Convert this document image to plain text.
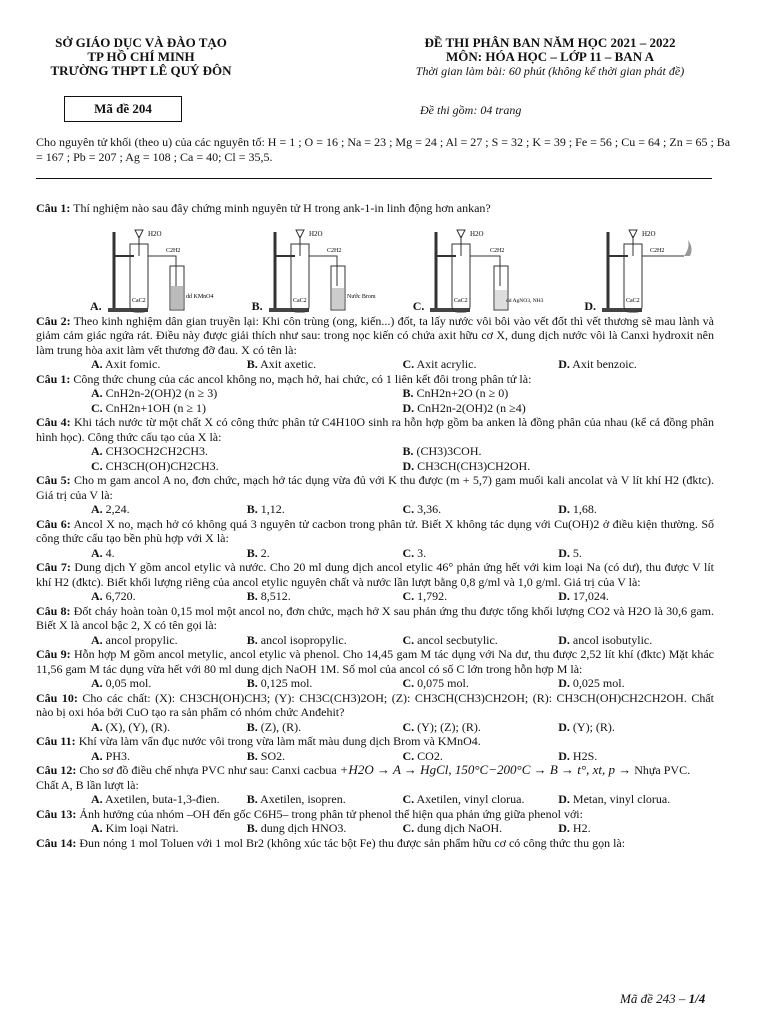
SỞ GIÁO DỤC VÀ ĐÀO TẠO
TP HỒ CHÍ MINH
TRƯỜNG THPT LÊ QUÝ ĐÔN
ĐỀ THI PHÂN BAN NĂM HỌC 2021 – 2022
MÔN: HÓA HỌC – LỚP 11 – BAN A
Thời gian làm bài: 60 phút (không kể thời gian phát đề)
Mã đề 204	Đề thi gồm: 04 trang
Cho nguyên tử khối (theo u) của các nguyên tố: H = 1 ; O = 16 ; Na = 23 ; Mg = 24 ; Al = 27 ; S = 32 ; K = 39 ; Fe = 56 ; Cu = 64 ; Zn = 65 ; Ba = 167 ; Pb = 207 ; Ag = 108 ; Ca = 40; Cl = 35,5.

Câu 1: Thí nghiệm nào sau đây chứng minh nguyên tử H trong ank-1-in linh động hơn ankan?

A.
H2O
C2H2
CaC2
dd KMnO4
B.
H2O
C2H2
CaC2
Nước Brom
C.
H2O
C2H2
CaC2	dd AgNO3, NH3	D.
H2O
C2H2
CaC2

Câu 2: Theo kinh nghiệm dân gian truyền lại: Khi côn trùng (ong, kiến...) đốt, ta lấy nước vôi bôi vào vết đốt thì vết thương sẽ mau lành và giảm cảm giác ngứa rát. Điều này được giải thích như sau: trong nọc kiến có chứa axit hữu cơ X, dung dịch nước vôi là Canxi hydroxit nên làm trung hòa axit làm vết thương đỡ đau. X có tên là:

A. Axit fomic.	B. Axit axetic.	C. Axit acrylic.	D. Axit benzoic.

Câu 1: Công thức chung của các ancol không no, mạch hở, hai chức, có 1 liên kết đôi trong phân tử là:

A. CnH2n-2(OH)2 (n ≥ 3)	B. CnH2n+2O (n ≥ 0)
C. CnH2n+1OH (n ≥ 1)	D. CnH2n-2(OH)2 (n ≥4)

Câu 4: Khi tách nước từ một chất X có công thức phân tử C4H10O sinh ra hỗn hợp gồm ba anken là đồng phân của nhau (kể cả đồng phân hình học). Công thức cấu tạo của X là:

A. CH3OCH2CH2CH3.	B. (CH3)3COH.
C. CH3CH(OH)CH2CH3.	D. CH3CH(CH3)CH2OH.

Câu 5: Cho m gam ancol A no, đơn chức, mạch hở tác dụng vừa đủ với K thu được (m + 5,7) gam muối kali ancolat và V lít khí H2 (đktc). Giá trị của V là:

A. 2,24.	B. 1,12.	C. 3,36.	D. 1,68.

Câu 6: Ancol X no, mạch hở có không quá 3 nguyên tử cacbon trong phân tử. Biết X không tác dụng với Cu(OH)2 ở điều kiện thường. Số công thức cấu tạo bền phù hợp với X là:

A. 4.	B. 2.	C. 3.	D. 5.

Câu 7: Dung dịch Y gồm ancol etylic và nước. Cho 20 ml dung dịch ancol etylic 46° phản ứng hết với kim loại Na (có dư), thu được V lít khí H2 (đktc). Biết khối lượng riêng của ancol etylic nguyên chất và nước lần lượt bằng 0,8 g/ml và 1,0 g/ml. Giá trị của V là:

A. 6,720.	B. 8,512.	C. 1,792.	D. 17,024.

Câu 8: Đốt cháy hoàn toàn 0,15 mol một ancol no, đơn chức, mạch hở X sau phản ứng thu được tổng khối lượng CO2 và H2O là 30,6 gam. Biết X là ancol bậc 2, X có tên gọi là:

A. ancol propylic.	B. ancol isopropylic.	C. ancol secbutylic.	D. ancol isobutylic.

Câu 9: Hỗn hợp M gồm ancol metylic, ancol etylic và phenol. Cho 14,45 gam M tác dụng với Na dư, thu được 2,52 lít khí (đktc) Mặt khác 11,56 gam M tác dụng vừa hết với 80 ml dung dịch NaOH 1M. Số mol của ancol có số C lớn trong hỗn hợp M là:

A. 0,05 mol.	B. 0,125 mol.	C. 0,075 mol.	D. 0,025 mol.

Câu 10: Cho các chất: (X): CH3CH(OH)CH3; (Y): CH3C(CH3)2OH; (Z): CH3CH(CH3)CH2OH; (R): CH3CH(OH)CH2CH2OH. Chất nào bị oxi hóa bởi CuO tạo ra sản phẩm có nhóm chức Anđehit?

A. (X), (Y), (R).	B. (Z), (R).	C. (Y); (Z); (R).	D. (Y); (R).

Câu 11: Khí vừa làm vẩn đục nước vôi trong vừa làm mất màu dung dịch Brom và KMnO4.

A. PH3.	B. SO2.	C. CO2.	D. H2S.

Câu 12: Cho sơ đồ điều chế nhựa PVC như sau: Canxi cacbua +H2O → A → HgCl, 150°C−200°C → B → t°, xt, p → Nhựa PVC.

Chất A, B lần lượt là:

A. Axetilen, buta-1,3-đien.	B. Axetilen, isopren.	C. Axetilen, vinyl clorua.	D. Metan, vinyl clorua.

Câu 13: Ảnh hưởng của nhóm –OH đến gốc C6H5– trong phân tử phenol thể hiện qua phản ứng giữa phenol với:

A. Kim loại Natri.	B. dung dịch HNO3.	C. dung dịch NaOH.	D. H2.

Câu 14: Đun nóng 1 mol Toluen với 1 mol Br2 (không xúc tác bột Fe) thu được sản phẩm hữu cơ có công thức thu gọn là:

Mã đề 243 – 1/4
